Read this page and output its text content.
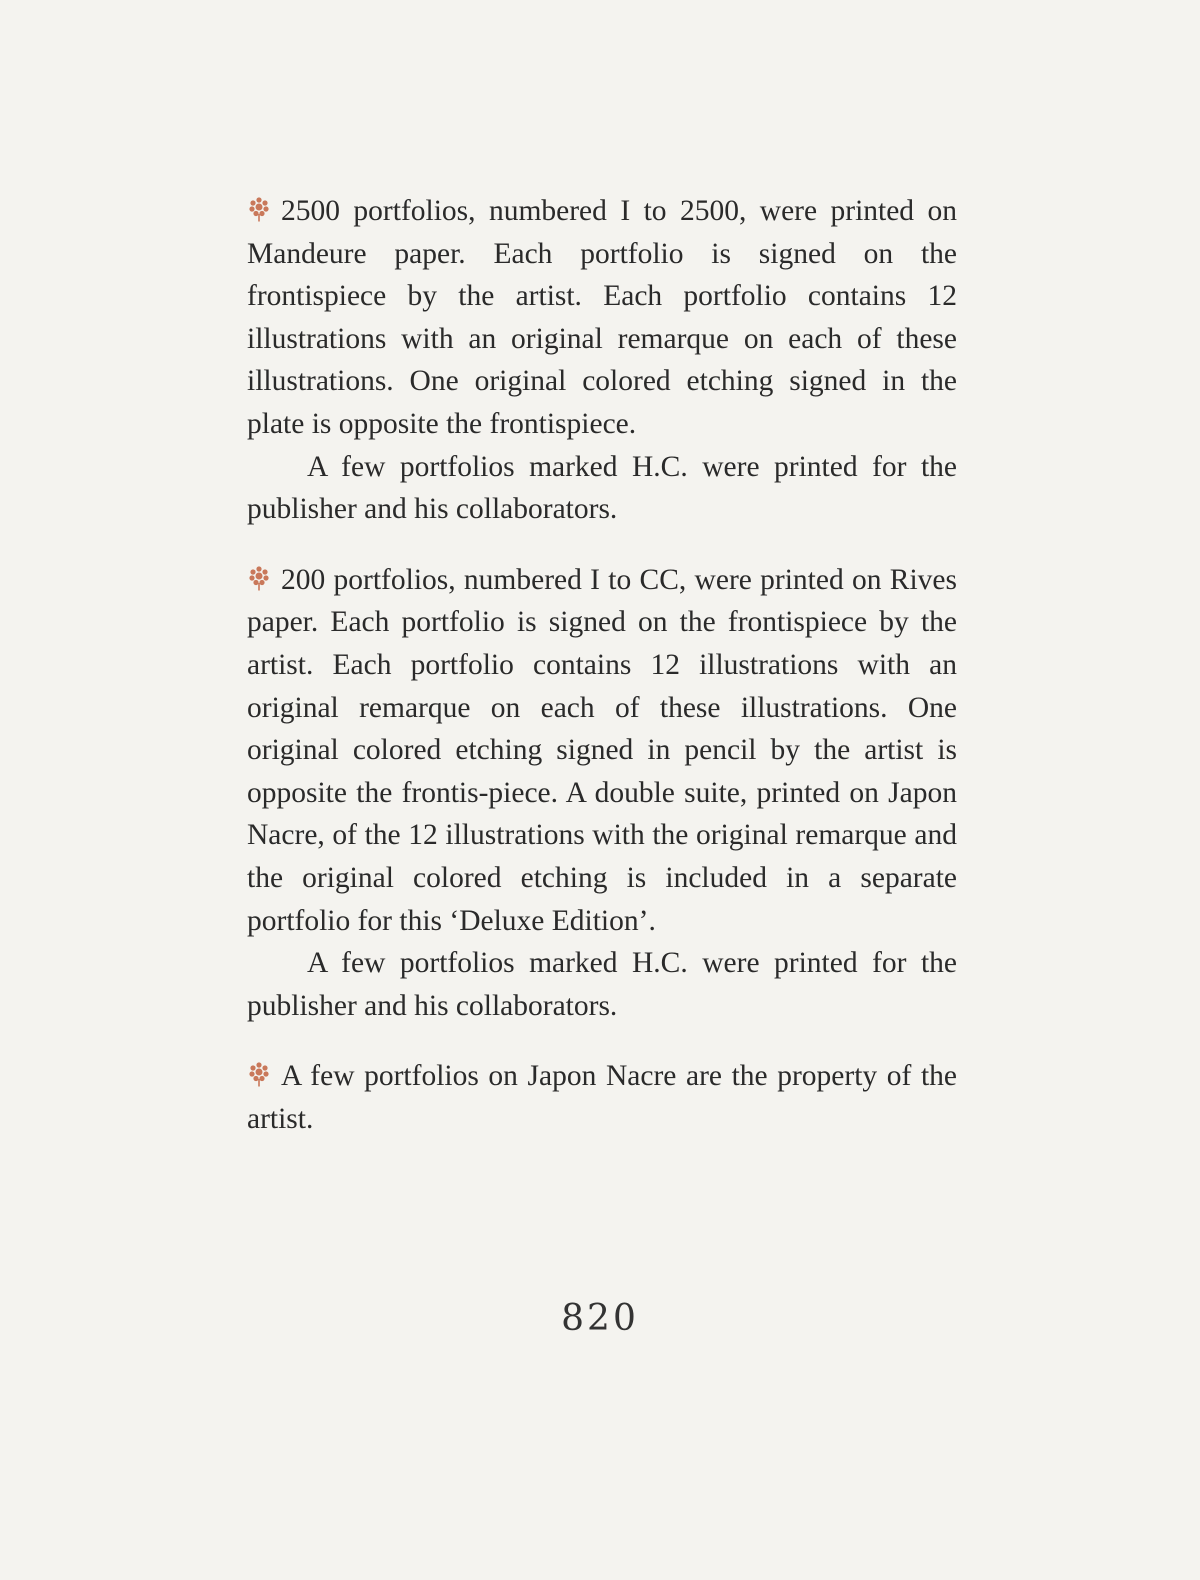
2500 portfolios, numbered I to 2500, were printed on Mandeure paper. Each portfolio is signed on the frontispiece by the artist. Each portfolio contains 12 illustrations with an original remarque on each of these illustrations. One original colored etching signed in the plate is opposite the frontispiece.

A few portfolios marked H.C. were printed for the publisher and his collaborators.

200 portfolios, numbered I to CC, were printed on Rives paper. Each portfolio is signed on the frontispiece by the artist. Each portfolio contains 12 illustrations with an original remarque on each of these illustrations. One original colored etching signed in pencil by the artist is opposite the frontis-piece. A double suite, printed on Japon Nacre, of the 12 illustrations with the original remarque and the original colored etching is included in a separate portfolio for this ‘Deluxe Edition’.

A few portfolios marked H.C. were printed for the publisher and his collaborators.

A few portfolios on Japon Nacre are the property of the artist.

820
